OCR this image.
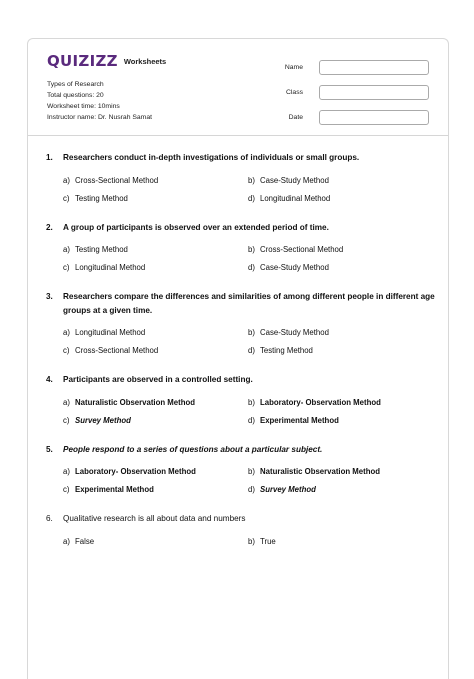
QUIZIZZ Worksheets
Types of Research
Total questions: 20
Worksheet time: 10mins
Instructor name: Dr. Nusrah Samat
Name
Class
Date
1.	Researchers conduct in-depth investigations of individuals or small groups.
a) Cross-Sectional Method	b) Case-Study Method
c) Testing Method	d) Longitudinal Method
2.	A group of participants is observed over an extended period of time.
a) Testing Method	b) Cross-Sectional Method
c) Longitudinal Method	d) Case-Study Method
3.	Researchers compare the differences and similarities of among different people in different age groups at a given time.
a) Longitudinal Method	b) Case-Study Method
c) Cross-Sectional Method	d) Testing Method
4.	Participants are observed in a controlled setting.
a) Naturalistic Observation Method	b) Laboratory- Observation Method
c) Survey Method	d) Experimental Method
5.	People respond to a series of questions about a particular subject.
a) Laboratory- Observation Method	b) Naturalistic Observation Method
c) Experimental Method	d) Survey Method
6.	Qualitative research is all about data and numbers
a) False	b) True
